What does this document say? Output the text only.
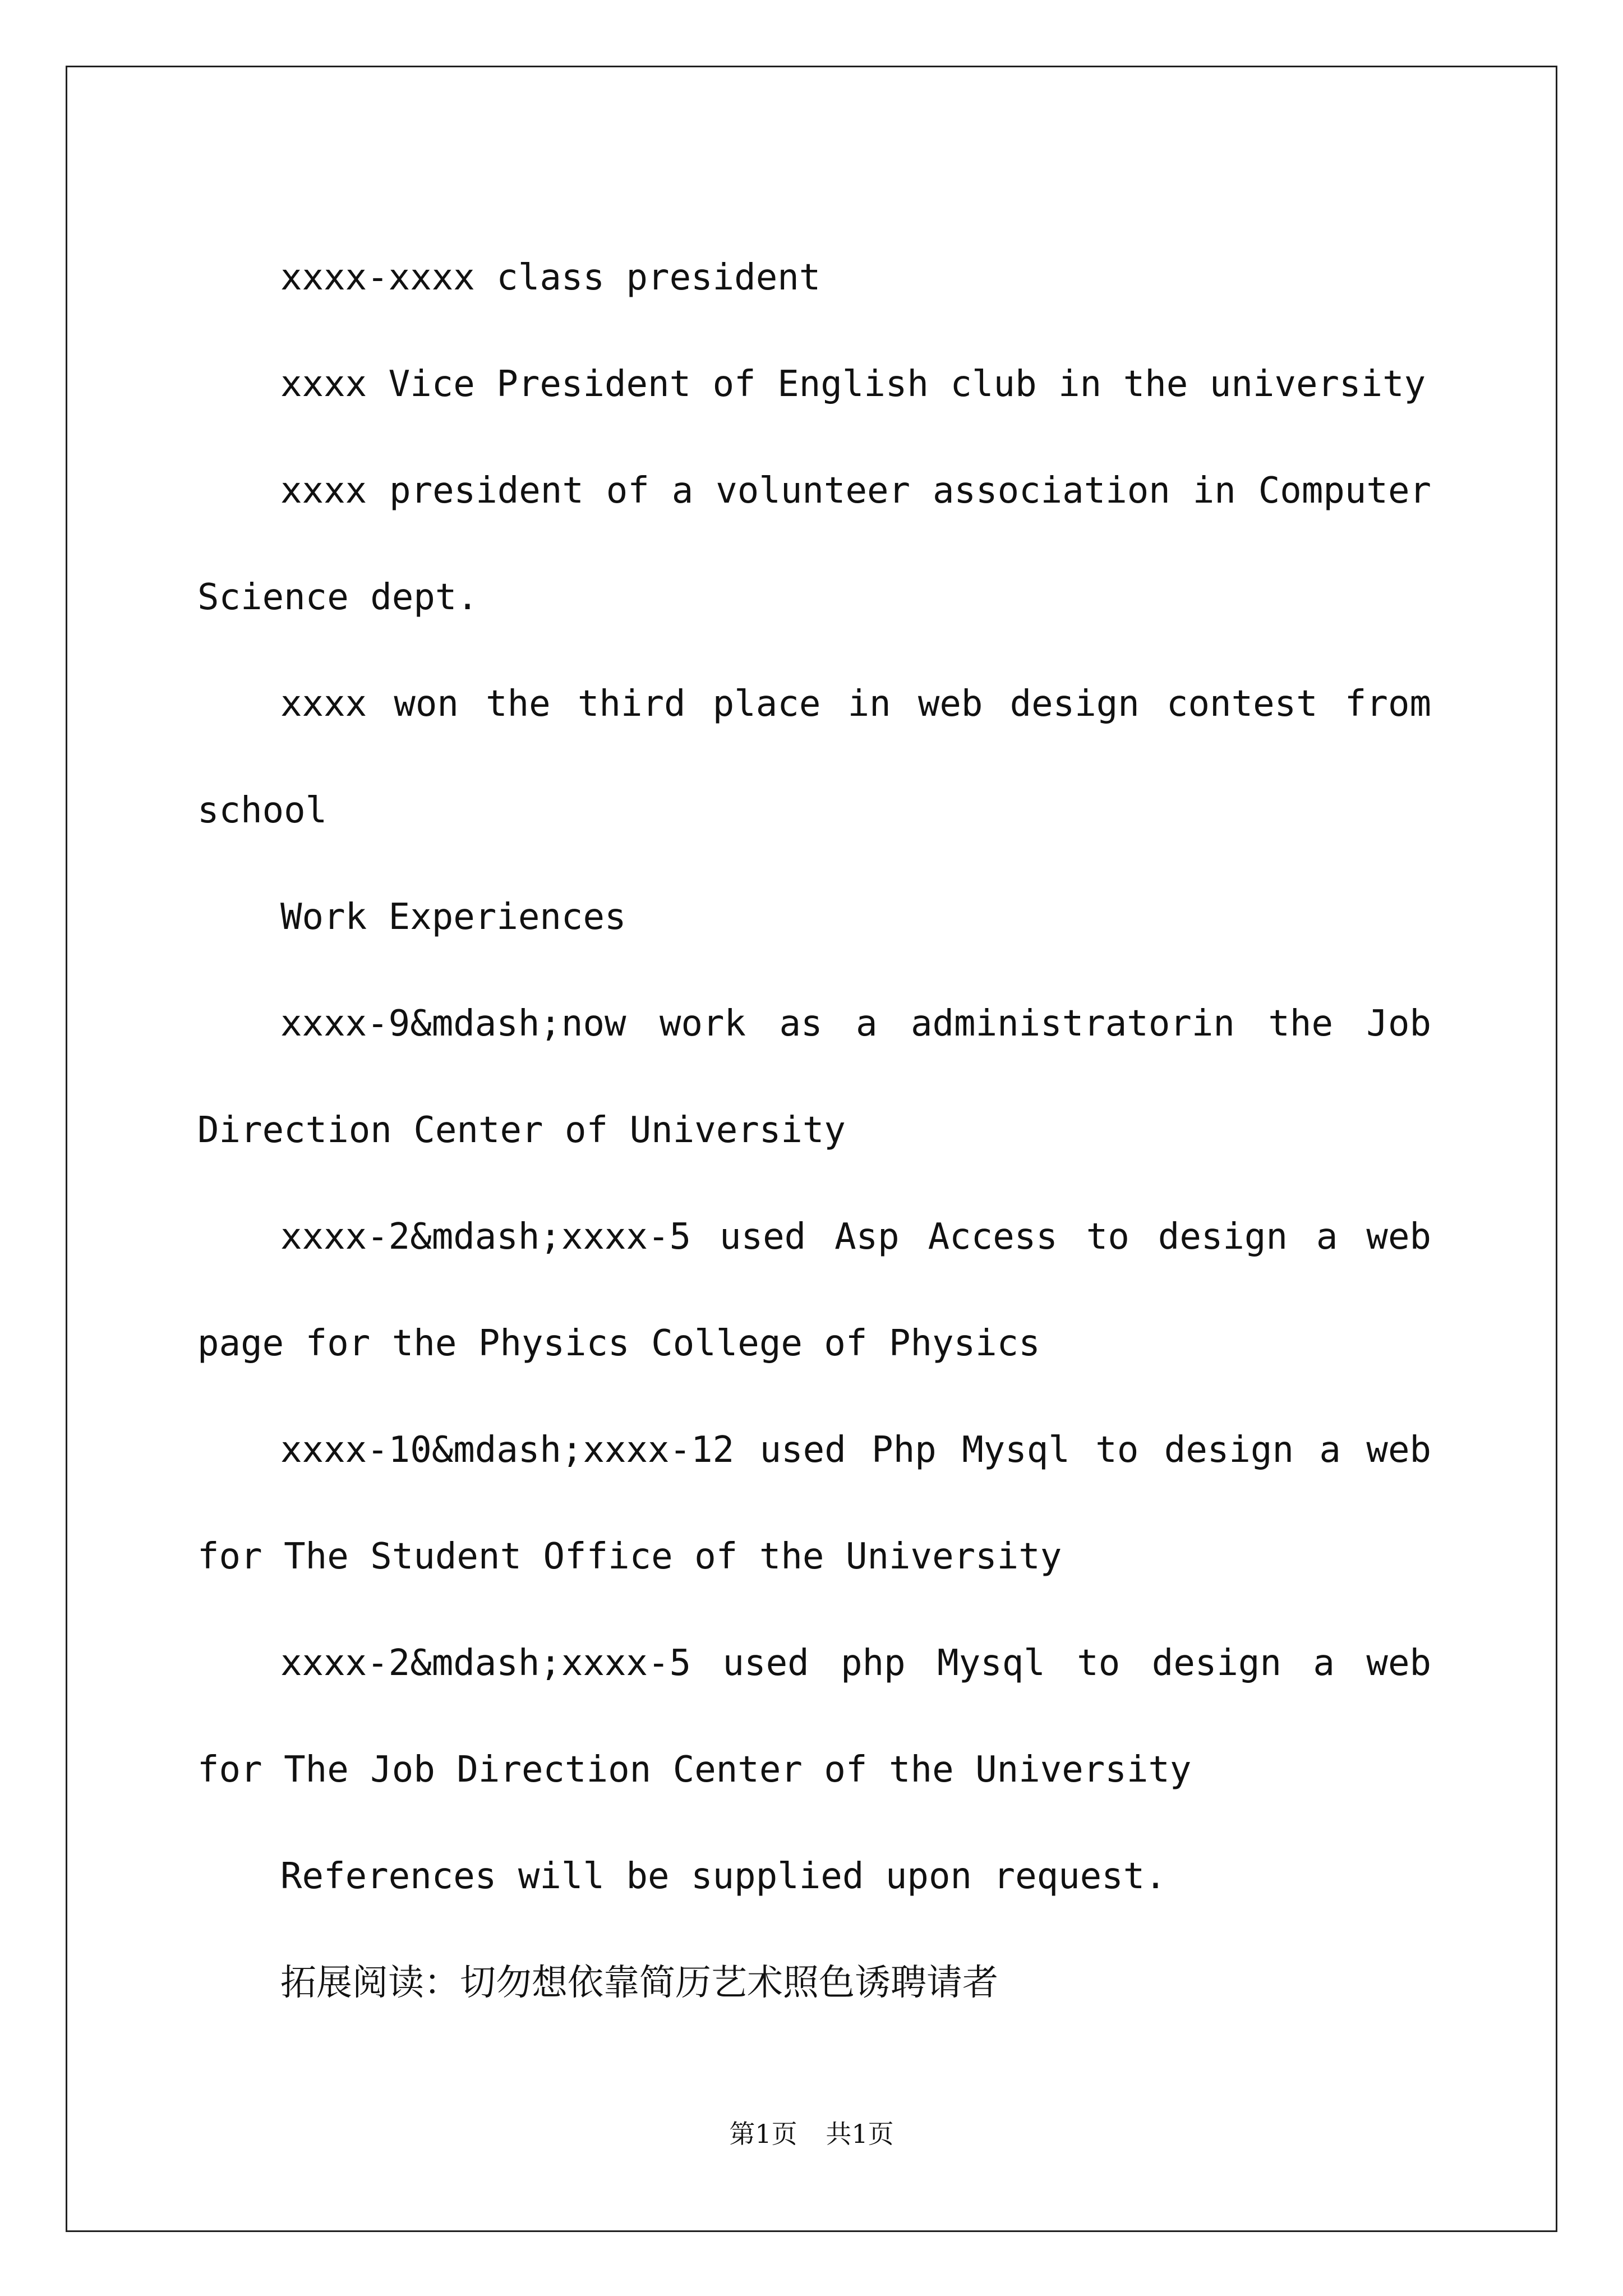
xxxx-xxxx class president

xxxx Vice President of English club in the university

xxxx president of a volunteer association in Computer Science dept.

xxxx won the third place in web design contest from school

Work Experiences

xxxx-9&mdash;now work as a administratorin the Job Direction Center of University

xxxx-2&mdash;xxxx-5 used Asp Access to design a web page for the Physics College of Physics

xxxx-10&mdash;xxxx-12 used Php Mysql to design a web for The Student Office of the University

xxxx-2&mdash;xxxx-5 used php Mysql to design a web for The Job Direction Center of the University

References will be supplied upon request.

拓展阅读：切勿想依靠简历艺术照色诱聘请者

第1页 共1页
